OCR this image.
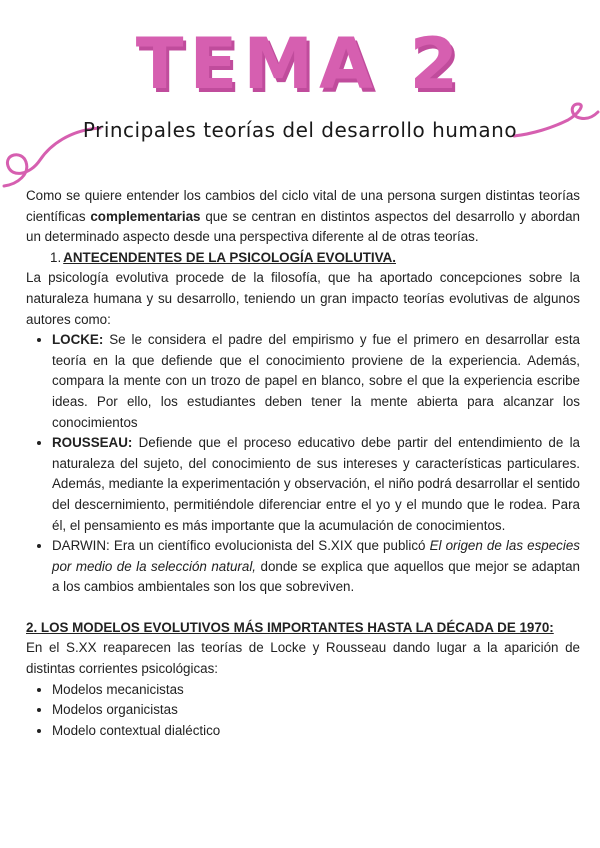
TEMA 2
Principales teorías del desarrollo humano

Como se quiere entender los cambios del ciclo vital de una persona surgen distintas teorías científicas complementarias que se centran en distintos aspectos del desarrollo y abordan un determinado aspecto desde una perspectiva diferente al de otras teorías.

1. ANTECENDENTES DE LA PSICOLOGÍA EVOLUTIVA.

La psicología evolutiva procede de la filosofía, que ha aportado concepciones sobre la naturaleza humana y su desarrollo, teniendo un gran impacto teorías evolutivas de algunos autores como:

• LOCKE: Se le considera el padre del empirismo y fue el primero en desarrollar esta teoría en la que defiende que el conocimiento proviene de la experiencia. Además, compara la mente con un trozo de papel en blanco, sobre el que la experiencia escribe ideas. Por ello, los estudiantes deben tener la mente abierta para alcanzar los conocimientos
• ROUSSEAU: Defiende que el proceso educativo debe partir del entendimiento de la naturaleza del sujeto, del conocimiento de sus intereses y características particulares. Además, mediante la experimentación y observación, el niño podrá desarrollar el sentido del descernimiento, permitiéndole diferenciar entre el yo y el mundo que le rodea. Para él, el pensamiento es más importante que la acumulación de conocimientos.
• DARWIN: Era un científico evolucionista del S.XIX que publicó El origen de las especies por medio de la selección natural, donde se explica que aquellos que mejor se adaptan a los cambios ambientales son los que sobreviven.

2. LOS MODELOS EVOLUTIVOS MÁS IMPORTANTES HASTA LA DÉCADA DE 1970:

En el S.XX reaparecen las teorías de Locke y Rousseau dando lugar a la aparición de distintas corrientes psicológicas:

• Modelos mecanicistas
• Modelos organicistas
• Modelo contextual dialéctico
